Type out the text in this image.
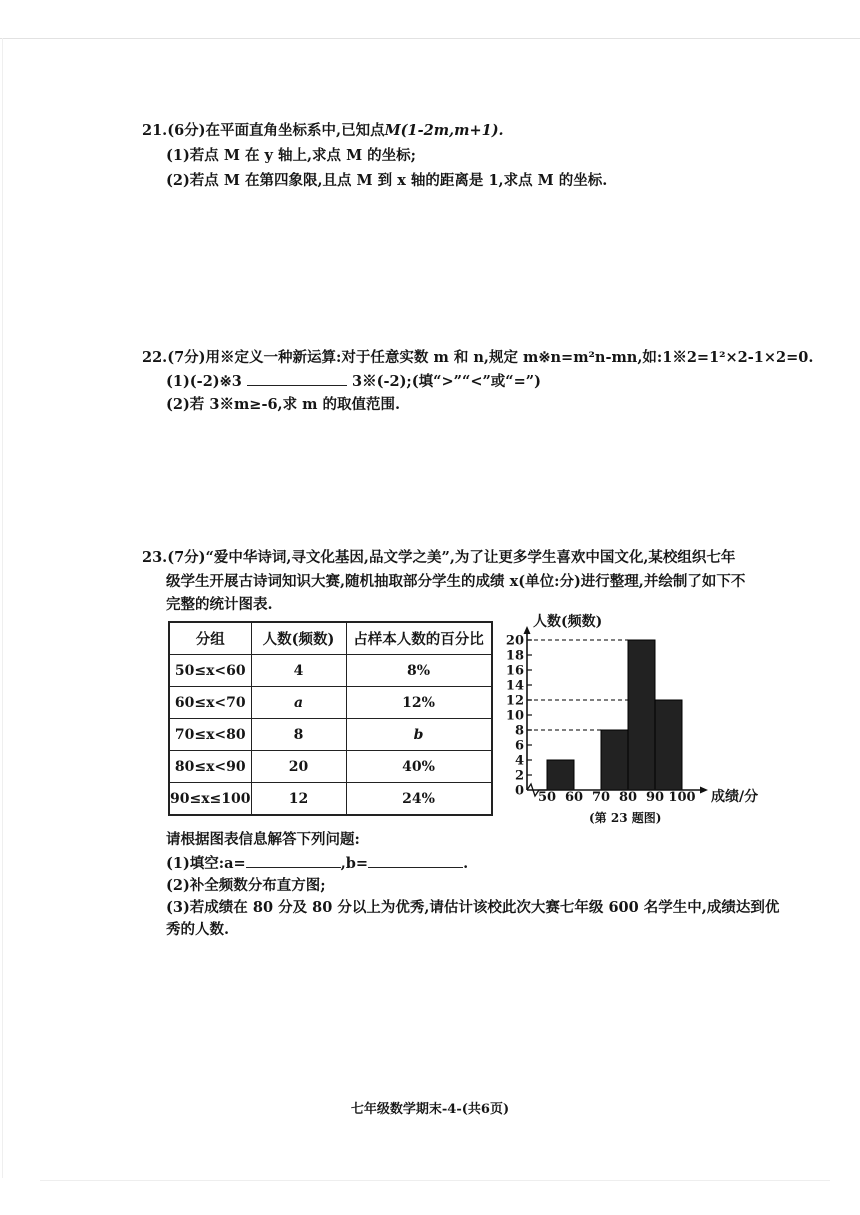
21.(6分)在平面直角坐标系中,已知点M(1-2m,m+1).
(1)若点 M 在 y 轴上,求点 M 的坐标;
(2)若点 M 在第四象限,且点 M 到 x 轴的距离是 1,求点 M 的坐标.
22.(7分)用※定义一种新运算:对于任意实数 m 和 n,规定 m※n=m²n-mn,如:1※2=1²×2-1×2=0.
(1)(-2)※3	3※(-2);(填“>”“<”或“=”)
(2)若 3※m≥-6,求 m 的取值范围.
23.(7分)“爱中华诗词,寻文化基因,品文学之美”,为了让更多学生喜欢中国文化,某校组织七年
级学生开展古诗词知识大赛,随机抽取部分学生的成绩 x(单位:分)进行整理,并绘制了如下不
完整的统计图表.
分组	人数(频数)	占样本人数的百分比
50≤x<60	4	8%
60≤x<70	a	12%
70≤x<80	8	b
80≤x<90	20	40%
90≤x≤100	12	24%
人数(频数)
0
2
4
6
8
10
12
14
16
18
20
50 60 70 80 90 100 成绩/分
(第 23 题图)
请根据图表信息解答下列问题:
(1)填空:a=	,b=	.
(2)补全频数分布直方图;
(3)若成绩在 80 分及 80 分以上为优秀,请估计该校此次大赛七年级 600 名学生中,成绩达到优
秀的人数.
七年级数学期末-4-(共6页)
